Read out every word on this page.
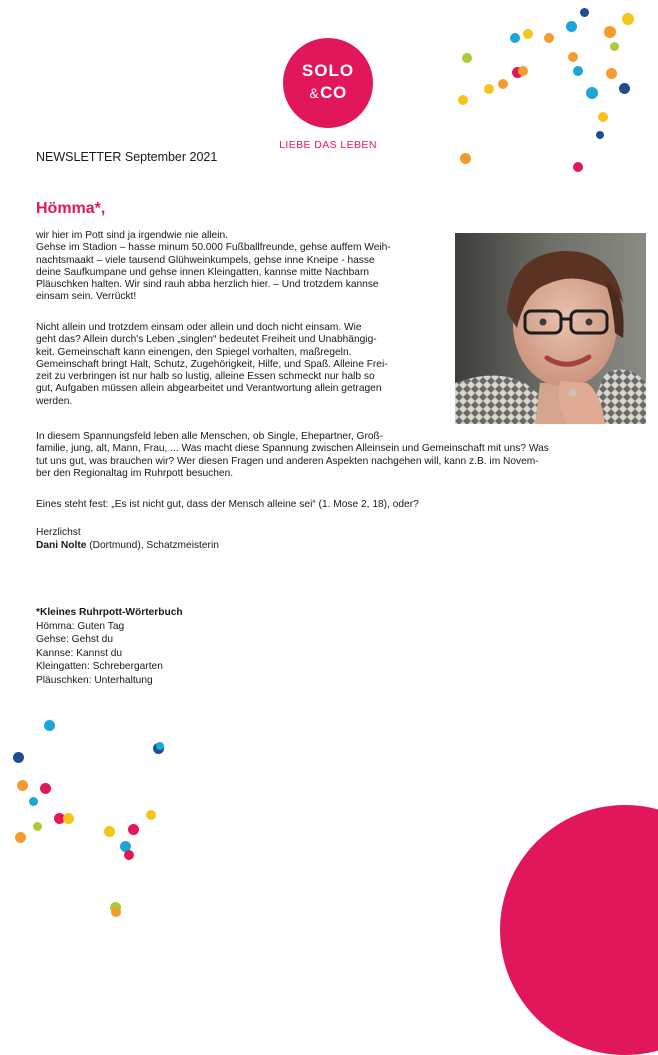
SOLO
&CO
LIEBE DAS LEBEN
NEWSLETTER September 2021
Hömma*,
wir hier im Pott sind ja irgendwie nie allein.
Gehse im Stadion – hasse minum 50.000 Fußballfreunde, gehse auffem Weih-
nachtsmaakt – viele tausend Glühweinkumpels, gehse inne Kneipe - hasse
deine Saufkumpane und gehse innen Kleingatten, kannse mitte Nachbarn
Pläuschken halten. Wir sind rauh abba herzlich hier. – Und trotzdem kannse
einsam sein. Verrückt!
Nicht allein und trotzdem einsam oder allein und doch nicht einsam. Wie
geht das? Allein durch's Leben „singlen“ bedeutet Freiheit und Unabhängig-
keit. Gemeinschaft kann einengen, den Spiegel vorhalten, maßregeln.
Gemeinschaft bringt Halt, Schutz, Zugehörigkeit, Hilfe, und Spaß. Alleine Frei-
zeit zu verbringen ist nur halb so lustig, alleine Essen schmeckt nur halb so
gut, Aufgaben müssen allein abgearbeitet und Verantwortung allein getragen
werden.
In diesem Spannungsfeld leben alle Menschen, ob Single, Ehepartner, Groß-
familie, jung, alt, Mann, Frau, ... Was macht diese Spannung zwischen Alleinsein und Gemeinschaft mit uns? Was
tut uns gut, was brauchen wir? Wer diesen Fragen und anderen Aspekten nachgehen will, kann z.B. im Novem-
ber den Regionaltag im Ruhrpott besuchen.
Eines steht fest: „Es ist nicht gut, dass der Mensch alleine sei“ (1. Mose 2, 18), oder?
Herzlichst
Dani Nolte (Dortmund), Schatzmeisterin
*Kleines Ruhrpott-Wörterbuch
Hömma: Guten Tag
Gehse: Gehst du
Kannse: Kannst du
Kleingatten: Schrebergarten
Pläuschken: Unterhaltung
